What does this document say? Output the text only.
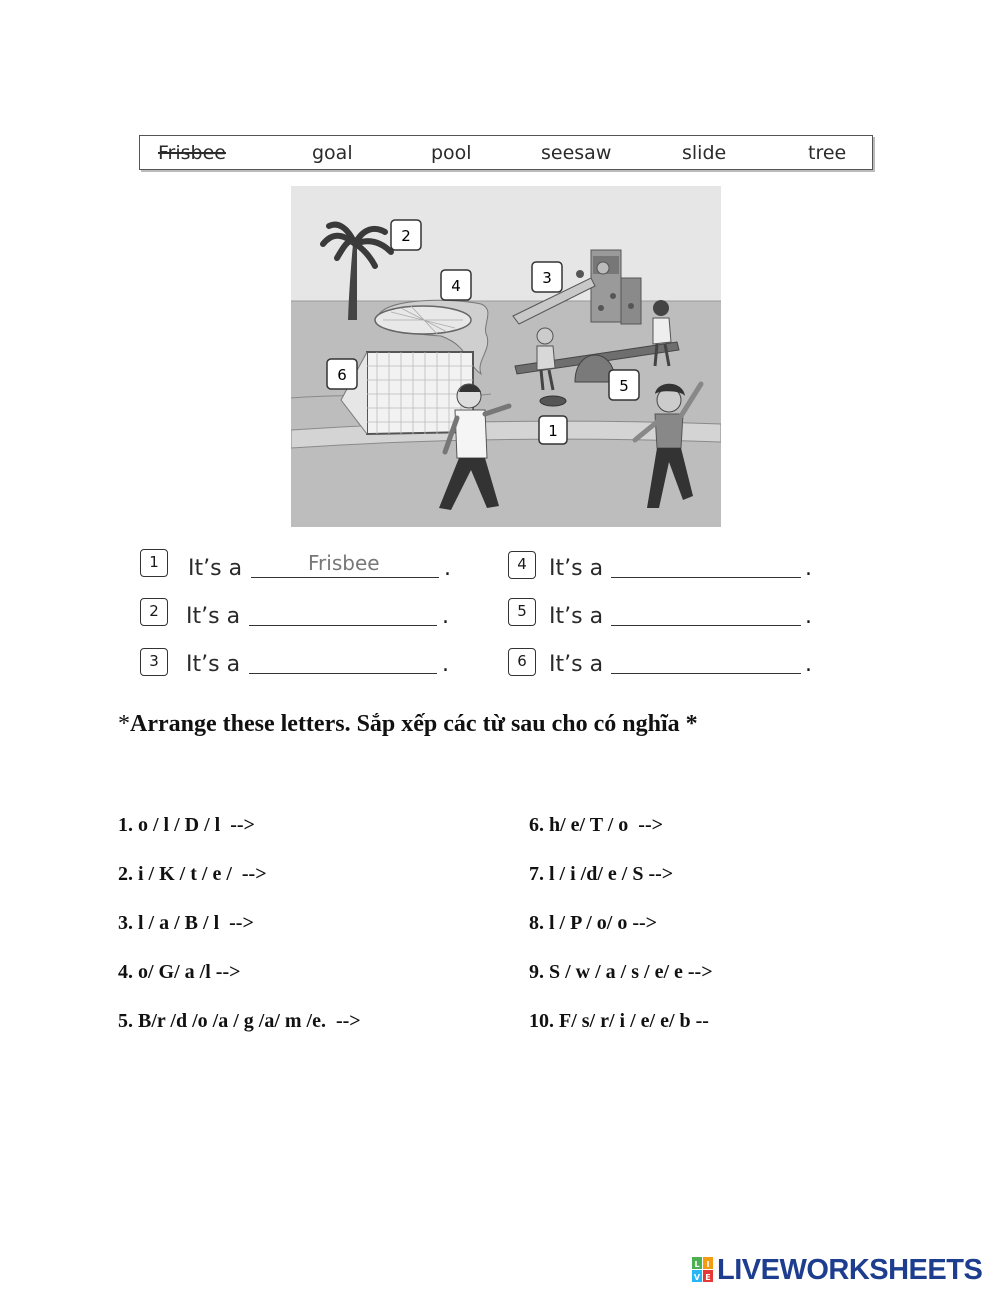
Frisbee	goal	pool	seesaw	slide	tree
1
2
3
4
5
6
1	It’s a	Frisbee	.
2	It’s a	.
3	It’s a	.
4	It’s a	.
5	It’s a	.
6	It’s a	.
*Arrange these letters. Sắp xếp các từ sau cho có nghĩa *
1. o / l / D / l  -->
2. i / K / t / e /  -->
3. l / a / B / l  -->
4. o/ G/ a /l -->
5. B/r /d /o /a / g /a/ m /e.  -->
6. h/ e/ T / o  -->
7. l / i /d/ e / S -->
8. l / P / o/ o -->
9. S / w / a / s / e/ e -->
10. F/ s/ r/ i / e/ e/ b --
L I
V E LIVEWORKSHEETS
